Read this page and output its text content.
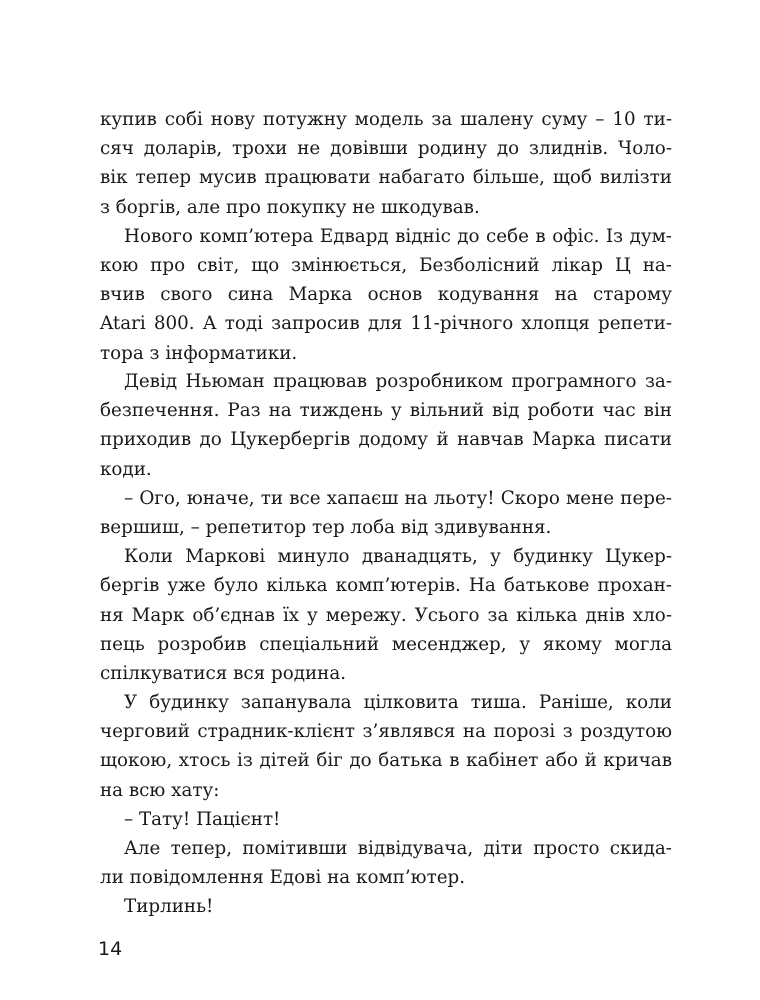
купив собі нову потужну модель за шалену суму – 10 ти-
сяч доларів, трохи не довівши родину до злиднів. Чоло-
вік тепер мусив працювати набагато більше, щоб вилізти
з боргів, але про покупку не шкодував.
Нового комп’ютера Едвард відніс до себе в офіс. Із дум-
кою про світ, що змінюється, Безболісний лікар Ц на-
вчив свого сина Марка основ кодування на старому
Atari 800. А тоді запросив для 11-річного хлопця репети-
тора з інформатики.
Девід Ньюман працював розробником програмного за-
безпечення. Раз на тиждень у вільний від роботи час він
приходив до Цукербергів додому й навчав Марка писати
коди.
– Ого, юначе, ти все хапаєш на льоту! Скоро мене пере-
вершиш, – репетитор тер лоба від здивування.
Коли Маркові минуло дванадцять, у будинку Цукер-
бергів уже було кілька комп’ютерів. На батькове прохан-
ня Марк об’єднав їх у мережу. Усього за кілька днів хло-
пець розробив спеціальний месенджер, у якому могла
спілкуватися вся родина.
У будинку запанувала цілковита тиша. Раніше, коли
черговий страдник-клієнт з’являвся на порозі з роздутою
щокою, хтось із дітей біг до батька в кабінет або й кричав
на всю хату:
– Тату! Пацієнт!
Але тепер, помітивши відвідувача, діти просто скида-
ли повідомлення Едові на комп’ютер.
Тирлинь!
14
